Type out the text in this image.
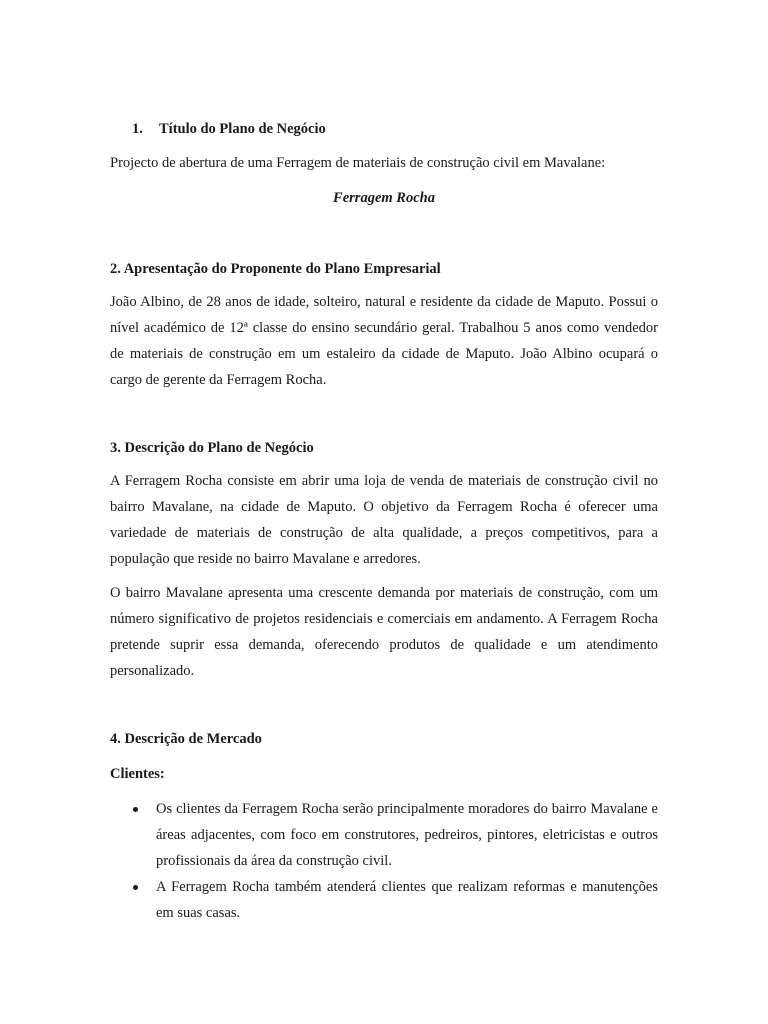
1. Título do Plano de Negócio

Projecto de abertura de uma Ferragem de materiais de construção civil em Mavalane:

Ferragem Rocha
2. Apresentação do Proponente do Plano Empresarial

João Albino, de 28 anos de idade, solteiro, natural e residente da cidade de Maputo. Possui o nível académico de 12ª classe do ensino secundário geral. Trabalhou 5 anos como vendedor de materiais de construção em um estaleiro da cidade de Maputo. João Albino ocupará o cargo de gerente da Ferragem Rocha.

3. Descrição do Plano de Negócio

A Ferragem Rocha consiste em abrir uma loja de venda de materiais de construção civil no bairro Mavalane, na cidade de Maputo. O objetivo da Ferragem Rocha é oferecer uma variedade de materiais de construção de alta qualidade, a preços competitivos, para a população que reside no bairro Mavalane e arredores.

O bairro Mavalane apresenta uma crescente demanda por materiais de construção, com um número significativo de projetos residenciais e comerciais em andamento. A Ferragem Rocha pretende suprir essa demanda, oferecendo produtos de qualidade e um atendimento personalizado.

4. Descrição de Mercado
Clientes:
Os clientes da Ferragem Rocha serão principalmente moradores do bairro Mavalane e áreas adjacentes, com foco em construtores, pedreiros, pintores, eletricistas e outros profissionais da área da construção civil.
A Ferragem Rocha também atenderá clientes que realizam reformas e manutenções em suas casas.
